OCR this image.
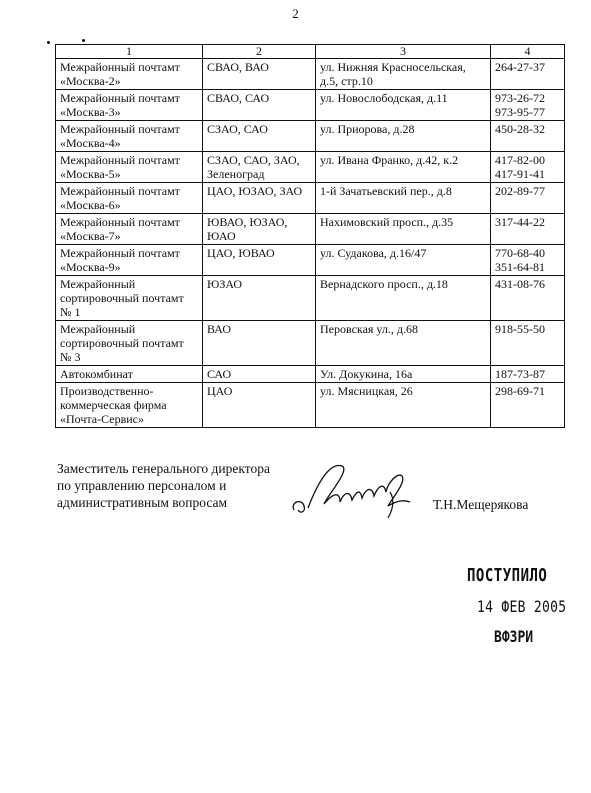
2
1	2	3	4

Межрайонный почтамт
«Москва-2»	СВАО, ВАО	ул. Нижняя Красносельская,
д.5, стр.10	264-27-37

Межрайонный почтамт
«Москва-3»	СВАО, САО	ул. Новослободская, д.11	973-26-72
973-95-77

Межрайонный почтамт
«Москва-4»	СЗАО, САО	ул. Приорова, д.28	450-28-32

Межрайонный почтамт
«Москва-5»	СЗАО, САО, ЗАО,
Зеленоград	ул. Ивана Франко, д.42, к.2	417-82-00
417-91-41

Межрайонный почтамт
«Москва-6»	ЦАО, ЮЗАО, ЗАО	1-й Зачатьевский пер., д.8	202-89-77

Межрайонный почтамт
«Москва-7»	ЮВАО, ЮЗАО,
ЮАО	Нахимовский просп., д.35	317-44-22

Межрайонный почтамт
«Москва-9»	ЦАО, ЮВАО	ул. Судакова, д.16/47	770-68-40
351-64-81

Межрайонный
сортировочный почтамт
№ 1	ЮЗАО	Вернадского просп., д.18	431-08-76

Межрайонный
сортировочный почтамт
№ 3	ВАО	Перовская ул., д.68	918-55-50

Автокомбинат	САО	Ул. Докукина, 16а	187-73-87

Производственно-
коммерческая фирма
«Почта-Сервис»	ЦАО	ул. Мясницкая, 26	298-69-71
Заместитель генерального директора
по управлению персоналом и
административным вопросам	Т.Н.Мещерякова
ПОСТУПИЛО
14 ФЕВ 2005
ВФЗРИ
